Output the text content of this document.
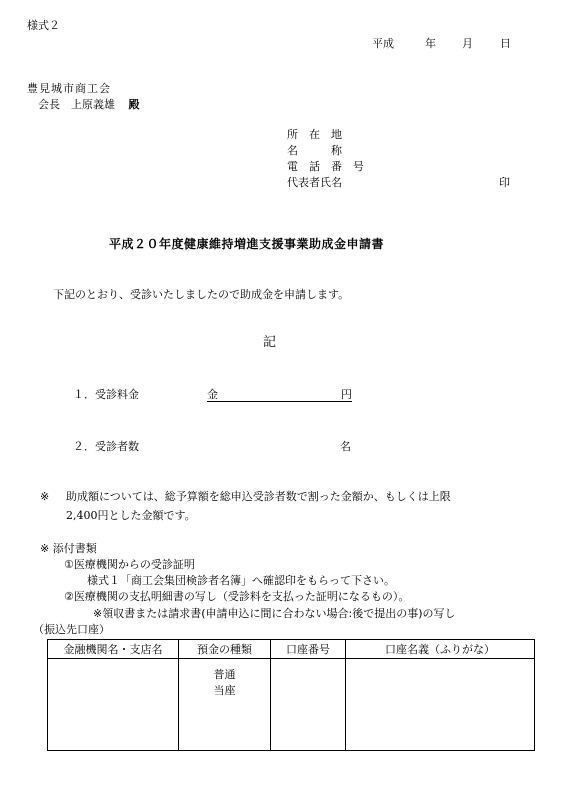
様式２
平成	年 月 日
豊見城市商工会
会長　上原義雄 殿
所　在　地
名　　　称
電　話　番　号
代表者氏名	印
平成２０年度健康維持増進支援事業助成金申請書
下記のとおり、受診いたしましたので助成金を申請します。
記
１．受診料金	金	円
２．受診者数	名
※ 助成額については、総予算額を総申込受診者数で割った金額か、もしくは上限
2,400円とした金額です。
※ 添付書類
①医療機関からの受診証明
様式１「商工会集団検診者名簿」へ確認印をもらって下さい。
②医療機関の支払明細書の写し（受診料を支払った証明になるもの）。
※領収書または請求書(申請申込に間に合わない場合:後で提出の事)の写し
（振込先口座）
金融機関名・支店名	預金の種類	口座番号	口座名義（ふりがな）

	普通
当座		
